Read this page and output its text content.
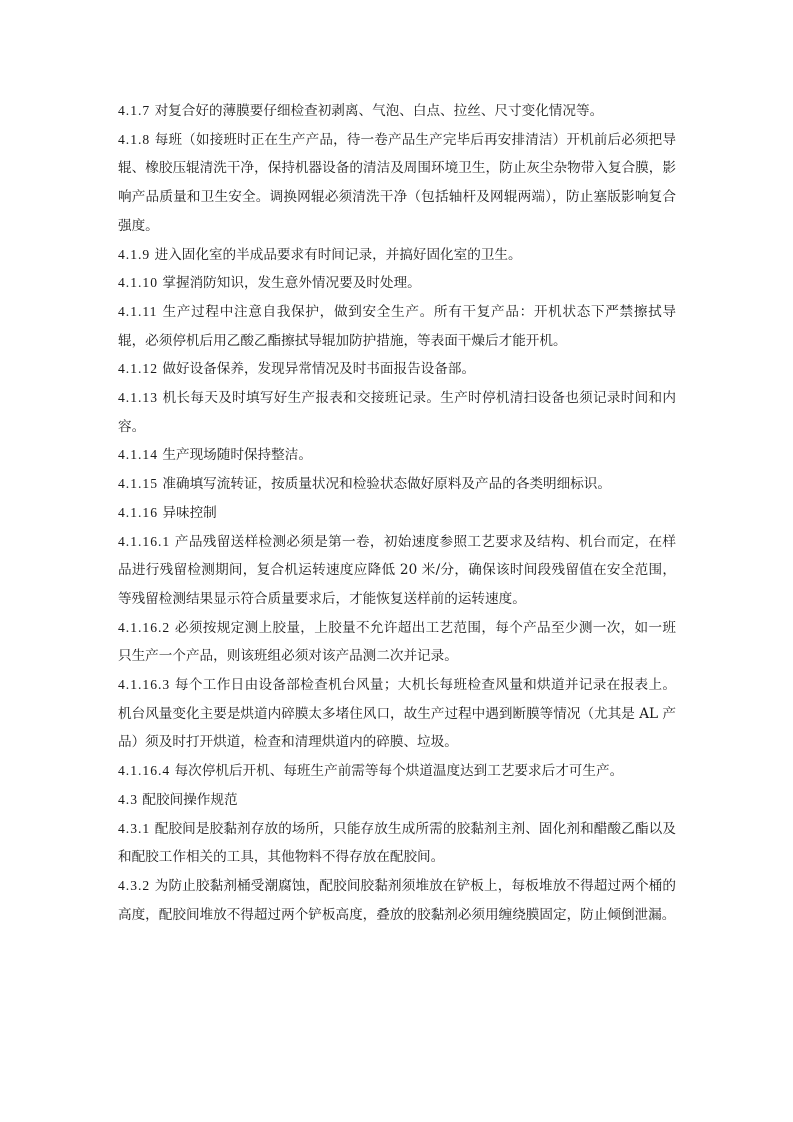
4.1.7 对复合好的薄膜要仔细检查初剥离、气泡、白点、拉丝、尺寸变化情况等。

4.1.8 每班（如接班时正在生产产品，待一卷产品生产完毕后再安排清洁）开机前后必须把导辊、橡胶压辊清洗干净，保持机器设备的清洁及周围环境卫生，防止灰尘杂物带入复合膜，影响产品质量和卫生安全。调换网辊必须清洗干净（包括轴杆及网辊两端），防止塞版影响复合强度。

4.1.9 进入固化室的半成品要求有时间记录，并搞好固化室的卫生。

4.1.10 掌握消防知识，发生意外情况要及时处理。

4.1.11 生产过程中注意自我保护，做到安全生产。所有干复产品：开机状态下严禁擦拭导辊，必须停机后用乙酸乙酯擦拭导辊加防护措施，等表面干燥后才能开机。

4.1.12 做好设备保养，发现异常情况及时书面报告设备部。

4.1.13 机长每天及时填写好生产报表和交接班记录。生产时停机清扫设备也须记录时间和内容。

4.1.14 生产现场随时保持整洁。

4.1.15 准确填写流转证，按质量状况和检验状态做好原料及产品的各类明细标识。

4.1.16 异味控制

4.1.16.1 产品残留送样检测必须是第一卷，初始速度参照工艺要求及结构、机台而定，在样品进行残留检测期间，复合机运转速度应降低 20 米/分，确保该时间段残留值在安全范围，等残留检测结果显示符合质量要求后，才能恢复送样前的运转速度。

4.1.16.2 必须按规定测上胶量，上胶量不允许超出工艺范围，每个产品至少测一次，如一班只生产一个产品，则该班组必须对该产品测二次并记录。

4.1.16.3 每个工作日由设备部检查机台风量；大机长每班检查风量和烘道并记录在报表上。机台风量变化主要是烘道内碎膜太多堵住风口，故生产过程中遇到断膜等情况（尤其是 AL 产品）须及时打开烘道，检查和清理烘道内的碎膜、垃圾。

4.1.16.4 每次停机后开机、每班生产前需等每个烘道温度达到工艺要求后才可生产。

4.3 配胶间操作规范

4.3.1 配胶间是胶黏剂存放的场所，只能存放生成所需的胶黏剂主剂、固化剂和醋酸乙酯以及和配胶工作相关的工具，其他物料不得存放在配胶间。

4.3.2 为防止胶黏剂桶受潮腐蚀，配胶间胶黏剂须堆放在铲板上，每板堆放不得超过两个桶的高度，配胶间堆放不得超过两个铲板高度，叠放的胶黏剂必须用缠绕膜固定，防止倾倒泄漏。
